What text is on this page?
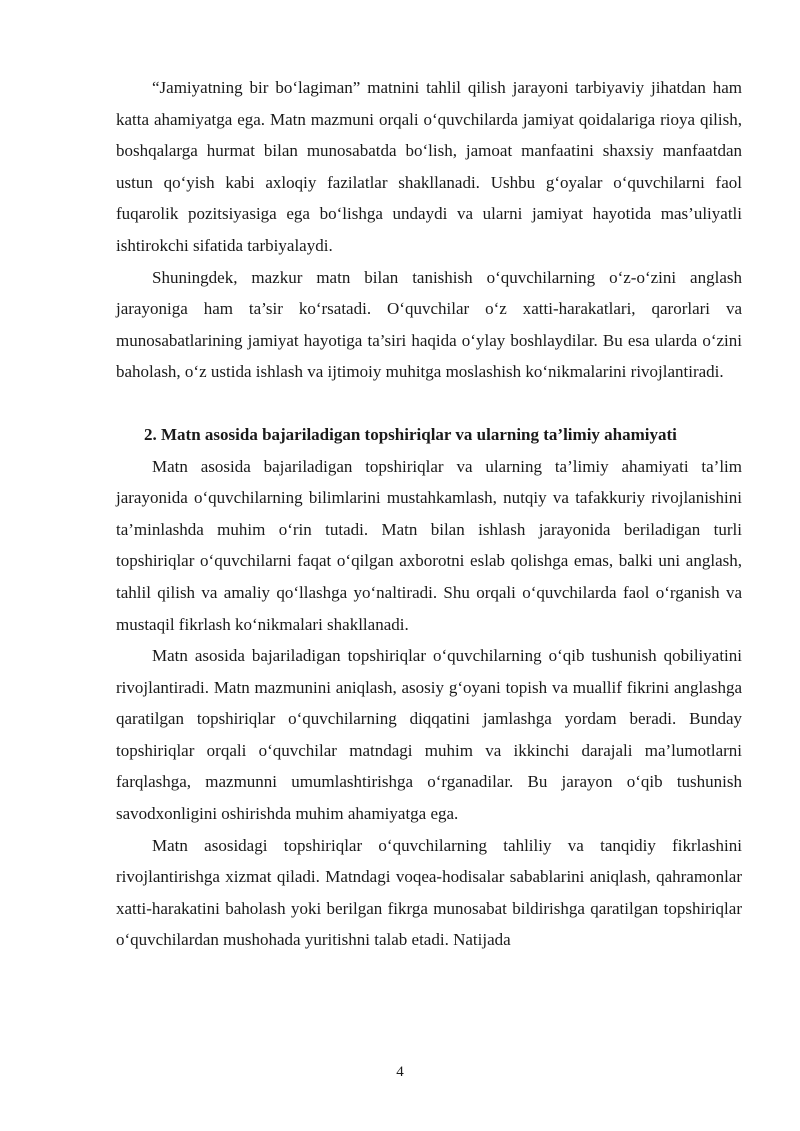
“Jamiyatning bir bo‘lagiman” matnini tahlil qilish jarayoni tarbiyaviy jihatdan ham katta ahamiyatga ega. Matn mazmuni orqali o‘quvchilarda jamiyat qoidalariga rioya qilish, boshqalarga hurmat bilan munosabatda bo‘lish, jamoat manfaatini shaxsiy manfaatdan ustun qo‘yish kabi axloqiy fazilatlar shakllanadi. Ushbu g‘oyalar o‘quvchilarni faol fuqarolik pozitsiyasiga ega bo‘lishga undaydi va ularni jamiyat hayotida mas’uliyatli ishtirokchi sifatida tarbiyalaydi.

Shuningdek, mazkur matn bilan tanishish o‘quvchilarning o‘z-o‘zini anglash jarayoniga ham ta’sir ko‘rsatadi. O‘quvchilar o‘z xatti-harakatlari, qarorlari va munosabatlarining jamiyat hayotiga ta’siri haqida o‘ylay boshlaydilar. Bu esa ularda o‘zini baholash, o‘z ustida ishlash va ijtimoiy muhitga moslashish ko‘nikmalarini rivojlantiradi.

2. Matn asosida bajariladigan topshiriqlar va ularning ta’limiy ahamiyati

Matn asosida bajariladigan topshiriqlar va ularning ta’limiy ahamiyati ta’lim jarayonida o‘quvchilarning bilimlarini mustahkamlash, nutqiy va tafakkuriy rivojlanishini ta’minlashda muhim o‘rin tutadi. Matn bilan ishlash jarayonida beriladigan turli topshiriqlar o‘quvchilarni faqat o‘qilgan axborotni eslab qolishga emas, balki uni anglash, tahlil qilish va amaliy qo‘llashga yo‘naltiradi. Shu orqali o‘quvchilarda faol o‘rganish va mustaqil fikrlash ko‘nikmalari shakllanadi.

Matn asosida bajariladigan topshiriqlar o‘quvchilarning o‘qib tushunish qobiliyatini rivojlantiradi. Matn mazmunini aniqlash, asosiy g‘oyani topish va muallif fikrini anglashga qaratilgan topshiriqlar o‘quvchilarning diqqatini jamlashga yordam beradi. Bunday topshiriqlar orqali o‘quvchilar matndagi muhim va ikkinchi darajali ma’lumotlarni farqlashga, mazmunni umumlashtirishga o‘rganadilar. Bu jarayon o‘qib tushunish savodxonligini oshirishda muhim ahamiyatga ega.

Matn asosidagi topshiriqlar o‘quvchilarning tahliliy va tanqidiy fikrlashini rivojlantirishga xizmat qiladi. Matndagi voqea-hodisalar sabablarini aniqlash, qahramonlar xatti-harakatini baholash yoki berilgan fikrga munosabat bildirishga qaratilgan topshiriqlar o‘quvchilardan mushohada yuritishni talab etadi. Natijada

4
